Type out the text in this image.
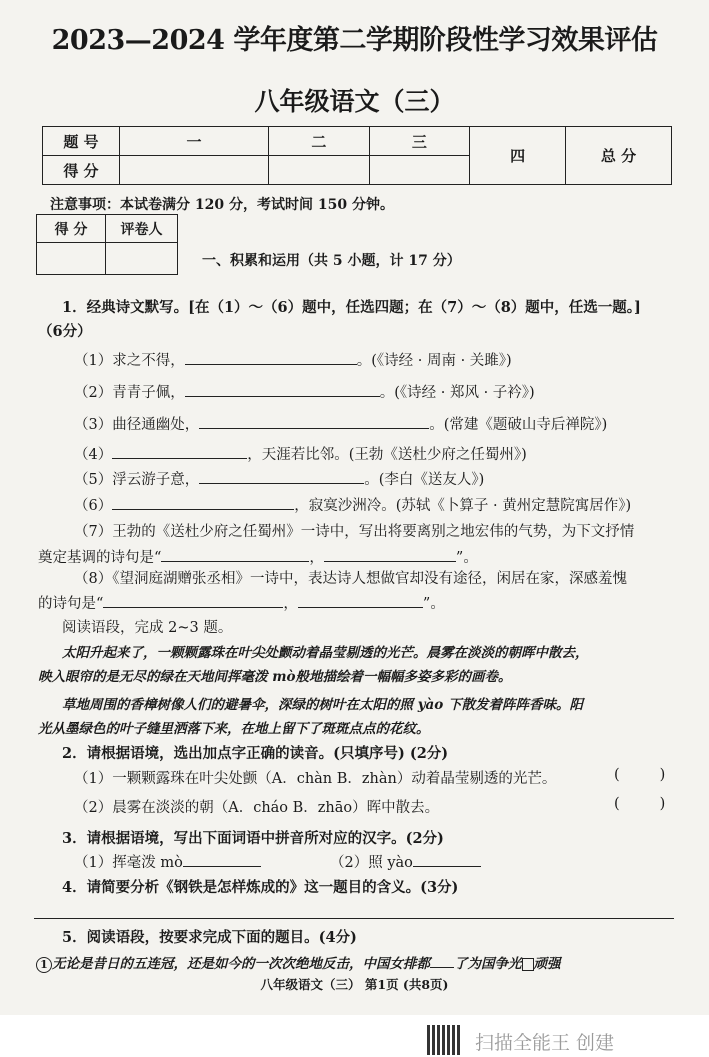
2023—2024 学年度第二学期阶段性学习效果评估
八年级语文（三）
题 号	一	二	三	四	总 分
得 分					
注意事项：本试卷满分 120 分，考试时间 150 分钟。
得 分	评卷人

一、积累和运用（共 5 小题，计 17 分）
1．经典诗文默写。[在（1）～（6）题中，任选四题；在（7）～（8）题中，任选一题。]
（6分）
（1）求之不得，	。(《诗经 · 周南 · 关雎》)
（2）青青子佩，	。(《诗经 · 郑风 · 子衿》)
（3）曲径通幽处，	。(常建《题破山寺后禅院》)
（4）	，天涯若比邻。(王勃《送杜少府之任蜀州》)
（5）浮云游子意，	。(李白《送友人》)
（6）	，寂寞沙洲冷。(苏轼《卜算子 · 黄州定慧院寓居作》)
（7）王勃的《送杜少府之任蜀州》一诗中，写出将要离别之地宏伟的气势，为下文抒情
奠定基调的诗句是“	，	”。
（8）《望洞庭湖赠张丞相》一诗中，表达诗人想做官却没有途径，闲居在家，深感羞愧
的诗句是“	，	”。
阅读语段，完成 2~3 题。
太阳升起来了，一颗颗露珠在叶尖处颤动着晶莹剔透的光芒。晨雾在淡淡的朝晖中散去，
映入眼帘的是无尽的绿在天地间挥毫泼 mò般地描绘着一幅幅多姿多彩的画卷。
草地周围的香樟树像人们的避暑伞，深绿的树叶在太阳的照 yào 下散发着阵阵香味。阳
光从墨绿色的叶子缝里洒落下来，在地上留下了斑斑点点的花纹。
2．请根据语境，选出加点字正确的读音。(只填序号) (2分)
（1）一颗颗露珠在叶尖处颤（A．chàn B．zhàn）动着晶莹剔透的光芒。	(	)
（2）晨雾在淡淡的朝（A．cháo B．zhāo）晖中散去。	(	)
3．请根据语境，写出下面词语中拼音所对应的汉字。(2分)
（1）挥毫泼 mò	（2）照 yào
4．请简要分析《钢铁是怎样炼成的》这一题目的含义。(3分)
5．阅读语段，按要求完成下面的题目。(4分)
1 无论是昔日的五连冠，还是如今的一次次绝地反击，中国女排都 了为国争光 顽强
八年级语文（三） 第1页 (共8页)
扫描全能王 创建
